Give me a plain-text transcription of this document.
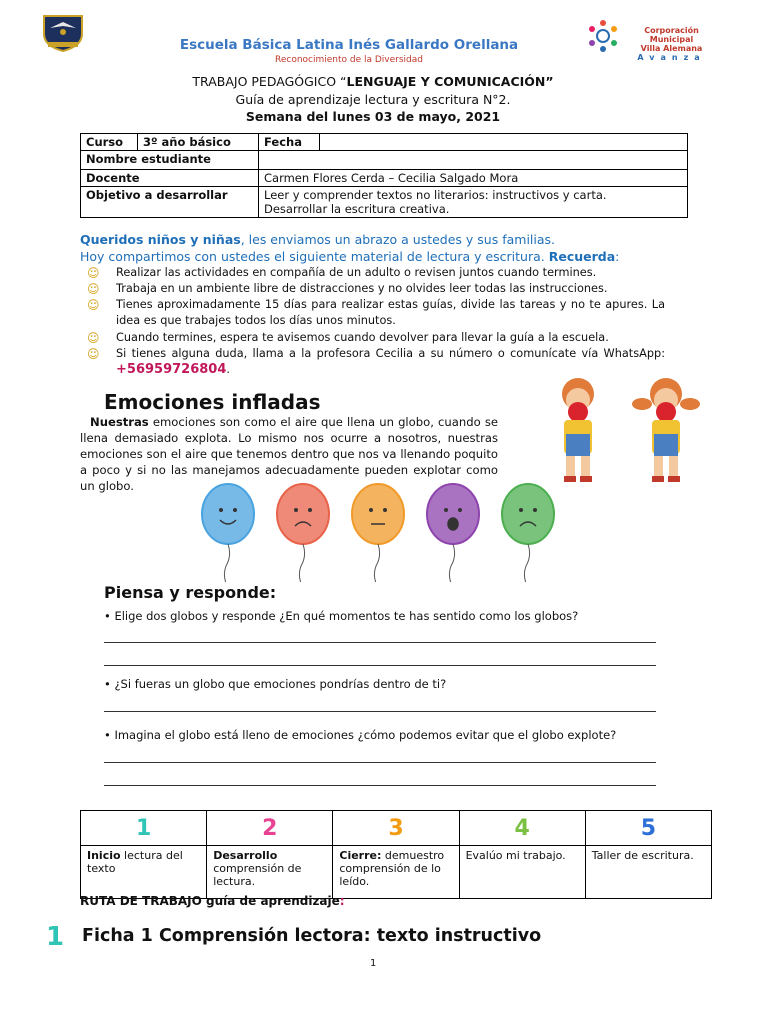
Escuela Básica Latina Inés Gallardo Orellana
Reconocimiento de la Diversidad
Corporación Municipal
Villa Alemana
Avanza
TRABAJO PEDAGÓGICO “LENGUAJE Y COMUNICACIÓN”
Guía de aprendizaje lectura y escritura N°2.
Semana del lunes 03 de mayo, 2021
Curso	3º año básico	Fecha	
Nombre estudiante			
Docente		Carmen Flores Cerda – Cecilia Salgado Mora	
Objetivo a desarrollar		Leer y comprender textos no literarios: instructivos y carta.
Desarrollar la escritura creativa.	
Queridos niños y niñas, les enviamos un abrazo a ustedes y sus familias.
Hoy compartimos con ustedes el siguiente material de lectura y escritura. Recuerda:
☺	Realizar las actividades en compañía de un adulto o revisen juntos cuando termines.
☺	Trabaja en un ambiente libre de distracciones y no olvides leer todas las instrucciones.
☺	Tienes aproximadamente 15 días para realizar estas guías, divide las tareas y no te apures. La idea es que trabajes todos los días unos minutos.
☺	Cuando termines, espera te avisemos cuando devolver para llevar la guía a la escuela.
☺	Si tienes alguna duda, llama a la profesora Cecilia a su número o comunícate vía WhatsApp: +56959726804.
Emociones infladas
Nuestras emociones son como el aire que llena un globo, cuando se llena demasiado explota. Lo mismo nos ocurre a nosotros, nuestras emociones son el aire que tenemos dentro que nos va llenando poquito a poco y si no las manejamos adecuadamente pueden explotar como un globo.
Piensa y responde:
• Elige dos globos y responde ¿En qué momentos te has sentido como los globos?
• ¿Si fueras un globo que emociones pondrías dentro de ti?
• Imagina el globo está lleno de emociones ¿cómo podemos evitar que el globo explote?
1	2	3	4	5
Inicio lectura del texto	Desarrollo comprensión de lectura.	Cierre: demuestro comprensión de lo leído.	Evalúo mi trabajo.	Taller de escritura.
RUTA DE TRABAJO guía de aprendizaje:
1 Ficha 1 Comprensión lectora: texto instructivo
1
